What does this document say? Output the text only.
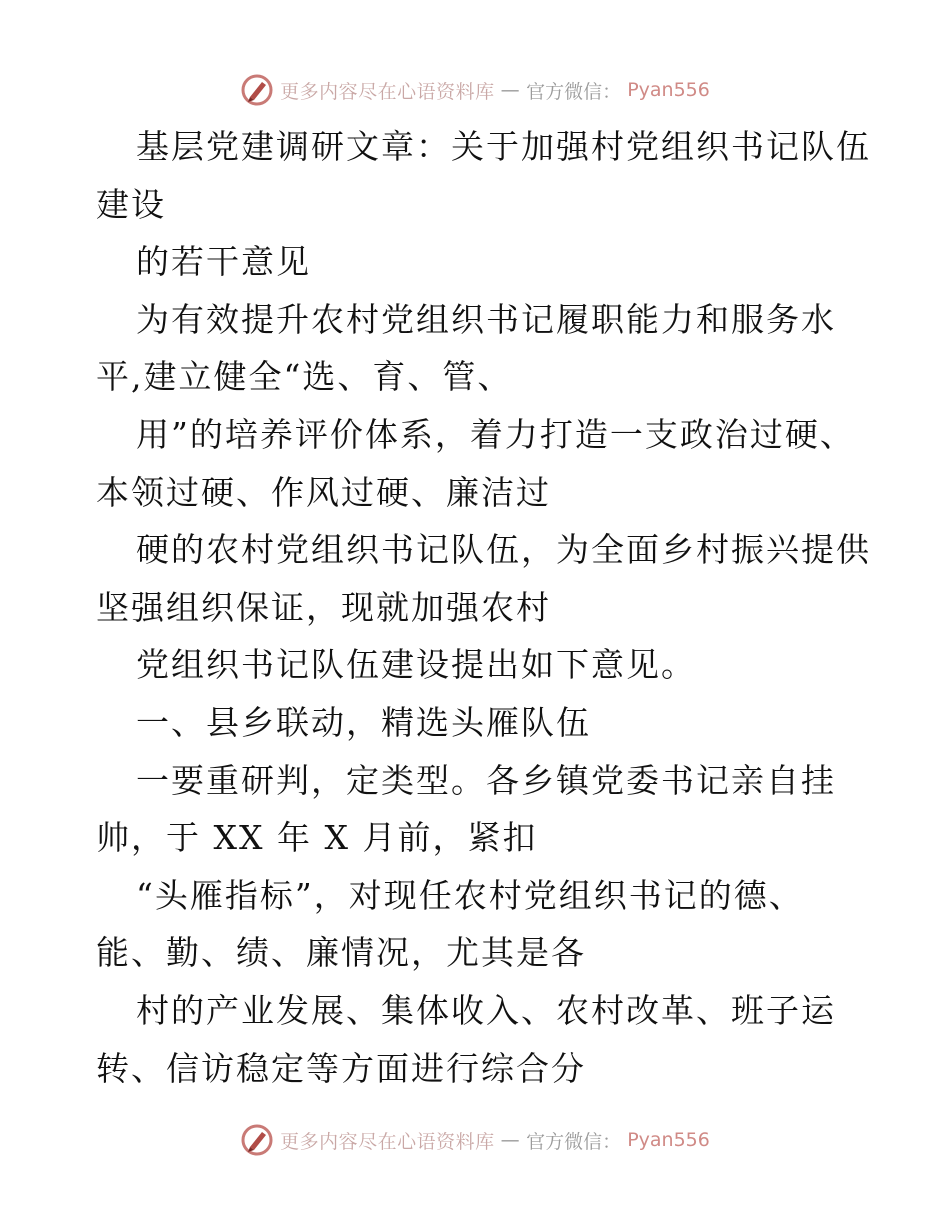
更多内容尽在心语资料库 — 官方微信： Pyan556
基层党建调研文章：关于加强村党组织书记队伍
建设
的若干意见
为有效提升农村党组织书记履职能力和服务水
平,建立健全“选、育、管、
用”的培养评价体系，着力打造一支政治过硬、
本领过硬、作风过硬、廉洁过
硬的农村党组织书记队伍，为全面乡村振兴提供
坚强组织保证，现就加强农村
党组织书记队伍建设提出如下意见。
一、县乡联动，精选头雁队伍
一要重研判，定类型。各乡镇党委书记亲自挂
帅，于 XX 年 X 月前，紧扣
“头雁指标”，对现任农村党组织书记的德、
能、勤、绩、廉情况，尤其是各
村的产业发展、集体收入、农村改革、班子运
转、信访稳定等方面进行综合分
更多内容尽在心语资料库 — 官方微信： Pyan556
